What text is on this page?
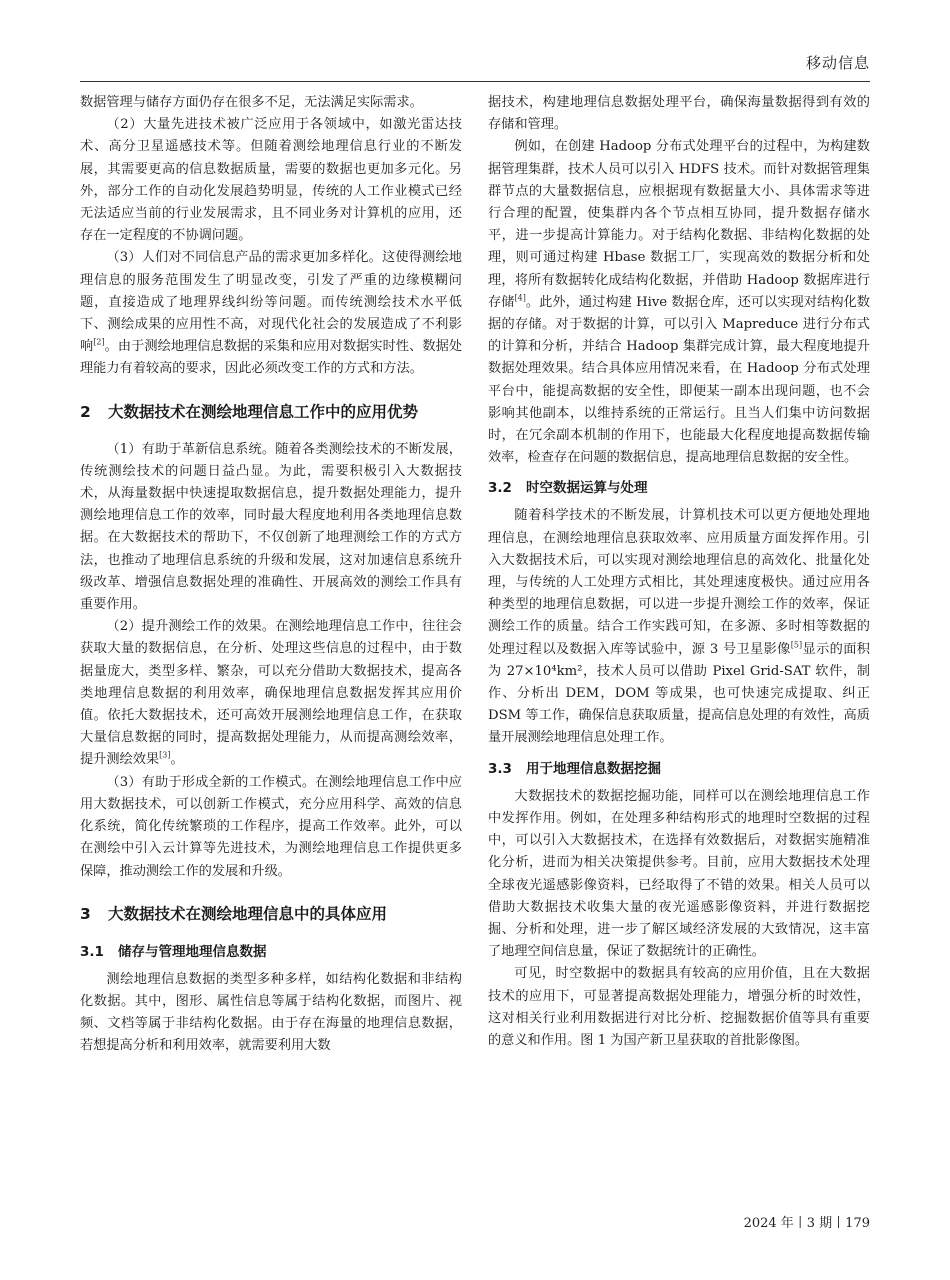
移动信息

数据管理与储存方面仍存在很多不足，无法满足实际需求。

（2）大量先进技术被广泛应用于各领域中，如激光雷达技术、高分卫星遥感技术等。但随着测绘地理信息行业的不断发展，其需要更高的信息数据质量，需要的数据也更加多元化。另外，部分工作的自动化发展趋势明显，传统的人工作业模式已经无法适应当前的行业发展需求，且不同业务对计算机的应用，还存在一定程度的不协调问题。

（3）人们对不同信息产品的需求更加多样化。这使得测绘地理信息的服务范围发生了明显改变，引发了严重的边缘模糊问题，直接造成了地理界线纠纷等问题。而传统测绘技术水平低下、测绘成果的应用性不高，对现代化社会的发展造成了不利影响[2]。由于测绘地理信息数据的采集和应用对数据实时性、数据处理能力有着较高的要求，因此必须改变工作的方式和方法。

2	大数据技术在测绘地理信息工作中的应用优势

（1）有助于革新信息系统。随着各类测绘技术的不断发展，传统测绘技术的问题日益凸显。为此，需要积极引入大数据技术，从海量数据中快速提取数据信息，提升数据处理能力，提升测绘地理信息工作的效率，同时最大程度地利用各类地理信息数据。在大数据技术的帮助下，不仅创新了地理测绘工作的方式方法，也推动了地理信息系统的升级和发展，这对加速信息系统升级改革、增强信息数据处理的准确性、开展高效的测绘工作具有重要作用。

（2）提升测绘工作的效果。在测绘地理信息工作中，往往会获取大量的数据信息，在分析、处理这些信息的过程中，由于数据量庞大，类型多样、繁杂，可以充分借助大数据技术，提高各类地理信息数据的利用效率，确保地理信息数据发挥其应用价值。依托大数据技术，还可高效开展测绘地理信息工作，在获取大量信息数据的同时，提高数据处理能力，从而提高测绘效率，提升测绘效果[3]。

（3）有助于形成全新的工作模式。在测绘地理信息工作中应用大数据技术，可以创新工作模式，充分应用科学、高效的信息化系统，简化传统繁琐的工作程序，提高工作效率。此外，可以在测绘中引入云计算等先进技术，为测绘地理信息工作提供更多保障，推动测绘工作的发展和升级。

3	大数据技术在测绘地理信息中的具体应用
3.1	储存与管理地理信息数据

测绘地理信息数据的类型多种多样，如结构化数据和非结构化数据。其中，图形、属性信息等属于结构化数据，而图片、视频、文档等属于非结构化数据。由于存在海量的地理信息数据，若想提高分析和利用效率，就需要利用大数

据技术，构建地理信息数据处理平台，确保海量数据得到有效的存储和管理。

例如，在创建 Hadoop 分布式处理平台的过程中，为构建数据管理集群，技术人员可以引入 HDFS 技术。而针对数据管理集群节点的大量数据信息，应根据现有数据量大小、具体需求等进行合理的配置，使集群内各个节点相互协同，提升数据存储水平，进一步提高计算能力。对于结构化数据、非结构化数据的处理，则可通过构建 Hbase 数据工厂，实现高效的数据分析和处理，将所有数据转化成结构化数据，并借助 Hadoop 数据库进行存储[4]。此外，通过构建 Hive 数据仓库，还可以实现对结构化数据的存储。对于数据的计算，可以引入 Mapreduce 进行分布式的计算和分析，并结合 Hadoop 集群完成计算，最大程度地提升数据处理效果。结合具体应用情况来看，在 Hadoop 分布式处理平台中，能提高数据的安全性，即便某一副本出现问题，也不会影响其他副本，以维持系统的正常运行。且当人们集中访问数据时，在冗余副本机制的作用下，也能最大化程度地提高数据传输效率，检查存在问题的数据信息，提高地理信息数据的安全性。

3.2	时空数据运算与处理

随着科学技术的不断发展，计算机技术可以更方便地处理地理信息，在测绘地理信息获取效率、应用质量方面发挥作用。引入大数据技术后，可以实现对测绘地理信息的高效化、批量化处理，与传统的人工处理方式相比，其处理速度极快。通过应用各种类型的地理信息数据，可以进一步提升测绘工作的效率，保证测绘工作的质量。结合工作实践可知，在多源、多时相等数据的处理过程以及数据入库等试验中，源 3 号卫星影像[5]显示的面积为 27×10⁴km²，技术人员可以借助 Pixel Grid-SAT 软件，制作、分析出 DEM，DOM 等成果，也可快速完成提取、纠正 DSM 等工作，确保信息获取质量，提高信息处理的有效性，高质量开展测绘地理信息处理工作。

3.3	用于地理信息数据挖掘

大数据技术的数据挖掘功能，同样可以在测绘地理信息工作中发挥作用。例如，在处理多种结构形式的地理时空数据的过程中，可以引入大数据技术，在选择有效数据后，对数据实施精准化分析，进而为相关决策提供参考。目前，应用大数据技术处理全球夜光遥感影像资料，已经取得了不错的效果。相关人员可以借助大数据技术收集大量的夜光遥感影像资料，并进行数据挖掘、分析和处理，进一步了解区域经济发展的大致情况，这丰富了地理空间信息量，保证了数据统计的正确性。

可见，时空数据中的数据具有较高的应用价值，且在大数据技术的应用下，可显著提高数据处理能力，增强分析的时效性，这对相关行业利用数据进行对比分析、挖掘数据价值等具有重要的意义和作用。图 1 为国产新卫星获取的首批影像图。

2024 年丨3 期丨179
